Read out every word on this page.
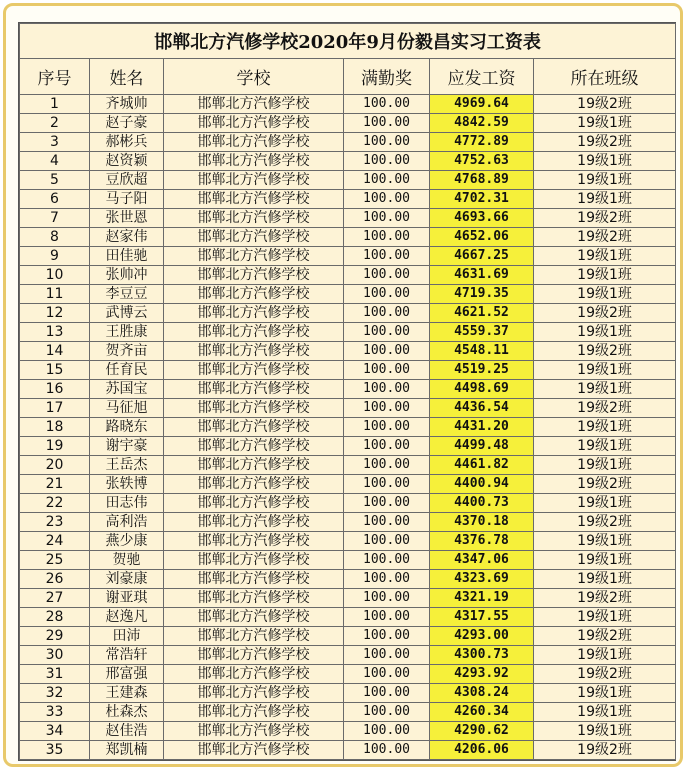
邯郸北方汽修学校2020年9月份毅昌实习工资表					
序号	姓名	学校	满勤奖	应发工资	所在班级
1	齐城帅	邯郸北方汽修学校	100.00	4969.64	19级2班
2	赵子豪	邯郸北方汽修学校	100.00	4842.59	19级1班
3	郝彬兵	邯郸北方汽修学校	100.00	4772.89	19级2班
4	赵资颖	邯郸北方汽修学校	100.00	4752.63	19级1班
5	豆欣超	邯郸北方汽修学校	100.00	4768.89	19级1班
6	马子阳	邯郸北方汽修学校	100.00	4702.31	19级1班
7	张世恩	邯郸北方汽修学校	100.00	4693.66	19级2班
8	赵家伟	邯郸北方汽修学校	100.00	4652.06	19级2班
9	田佳驰	邯郸北方汽修学校	100.00	4667.25	19级1班
10	张帅冲	邯郸北方汽修学校	100.00	4631.69	19级1班
11	李豆豆	邯郸北方汽修学校	100.00	4719.35	19级1班
12	武博云	邯郸北方汽修学校	100.00	4621.52	19级2班
13	王胜康	邯郸北方汽修学校	100.00	4559.37	19级1班
14	贺齐亩	邯郸北方汽修学校	100.00	4548.11	19级2班
15	任育民	邯郸北方汽修学校	100.00	4519.25	19级1班
16	苏国宝	邯郸北方汽修学校	100.00	4498.69	19级1班
17	马征旭	邯郸北方汽修学校	100.00	4436.54	19级2班
18	路晓东	邯郸北方汽修学校	100.00	4431.20	19级1班
19	谢宇豪	邯郸北方汽修学校	100.00	4499.48	19级1班
20	王岳杰	邯郸北方汽修学校	100.00	4461.82	19级1班
21	张轶博	邯郸北方汽修学校	100.00	4400.94	19级2班
22	田志伟	邯郸北方汽修学校	100.00	4400.73	19级1班
23	高利浩	邯郸北方汽修学校	100.00	4370.18	19级2班
24	燕少康	邯郸北方汽修学校	100.00	4376.78	19级1班
25	贺驰	邯郸北方汽修学校	100.00	4347.06	19级1班
26	刘豪康	邯郸北方汽修学校	100.00	4323.69	19级1班
27	谢亚琪	邯郸北方汽修学校	100.00	4321.19	19级2班
28	赵逸凡	邯郸北方汽修学校	100.00	4317.55	19级1班
29	田沛	邯郸北方汽修学校	100.00	4293.00	19级2班
30	常浩轩	邯郸北方汽修学校	100.00	4300.73	19级1班
31	邢富强	邯郸北方汽修学校	100.00	4293.92	19级2班
32	王建森	邯郸北方汽修学校	100.00	4308.24	19级1班
33	杜森杰	邯郸北方汽修学校	100.00	4260.34	19级1班
34	赵佳浩	邯郸北方汽修学校	100.00	4290.62	19级1班
35	郑凯楠	邯郸北方汽修学校	100.00	4206.06	19级2班
